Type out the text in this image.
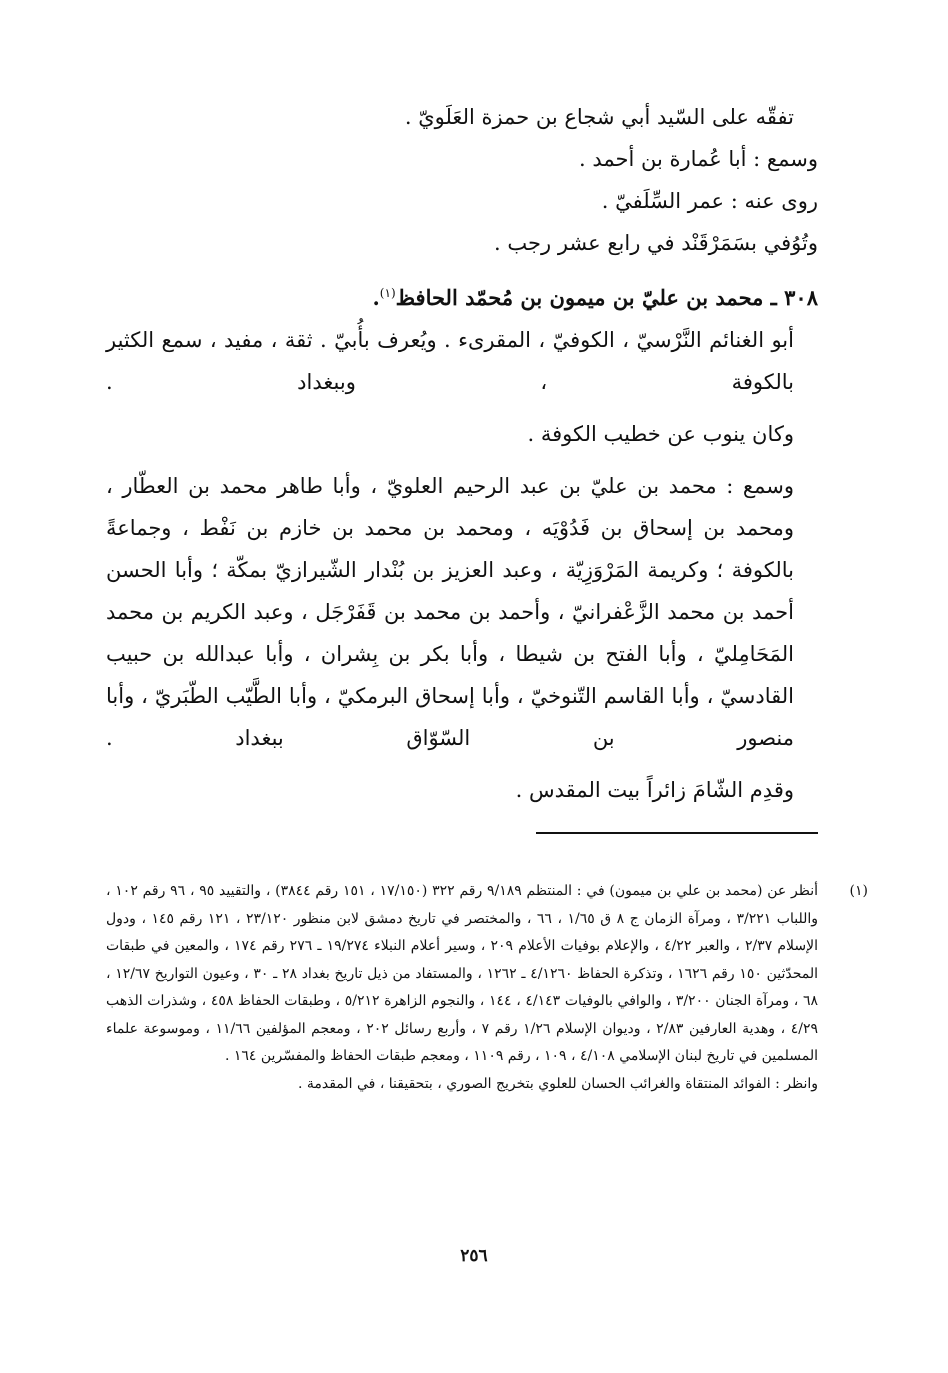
تفقّه على السّيد أبي شجاع بن حمزة العَلَويّ .
وسمع : أبا عُمارة بن أحمد .
روى عنه : عمر السِّلَفيّ .
وتُوُفي بسَمَرْقَنْد في رابع عشر رجب .
٣٠٨ ـ محمد بن عليّ بن ميمون بن مُحمّد الحافظ$^{(١)}$.
أبو الغنائم النَّرْسيّ ، الكوفيّ ، المقرىء . ويُعرف بأُبيّ . ثقة ، مفيد ، سمع الكثير بالكوفة ، وببغداد .
وكان ينوب عن خطيب الكوفة .
وسمع : محمد بن عليّ بن عبد الرحيم العلويّ ، وأبا طاهر محمد بن العطّار ، ومحمد بن إسحاق بن فَدُوْيَه ، ومحمد بن محمد بن خازم بن نَفْط ، وجماعةً بالكوفة ؛ وكريمة المَرْوَزِيّة ، وعبد العزيز بن بُنْدار الشّيرازيّ بمكّة ؛ وأبا الحسن أحمد بن محمد الزَّعْفرانيّ ، وأحمد بن محمد بن قَفَرْجَل ، وعبد الكريم بن محمد المَحَامِليّ ، وأبا الفتح بن شيطا ، وأبا بكر بن بِشران ، وأبا عبدالله بن حبيب القادسيّ ، وأبا القاسم التّنوخيّ ، وأبا إسحاق البرمكيّ ، وأبا الطَّيّب الطّبَريّ ، وأبا منصور بن السّوّاق ببغداد .
وقدِم الشّامَ زائراً بيت المقدس .
(١)
أنظر عن (محمد بن علي بن ميمون) في : المنتظم ٩/١٨٩ رقم ٣٢٢ (١٧/١٥٠ ، ١٥١ رقم ٣٨٤٤) ، والتقييد ٩٥ ، ٩٦ رقم ١٠٢ ، واللباب ٣/٢٢١ ، ومرآة الزمان ج ٨ ق ١/٦٥ ، ٦٦ ، والمختصر في تاريخ دمشق لابن منظور ٢٣/١٢٠ ، ١٢١ رقم ١٤٥ ، ودول الإسلام ٢/٣٧ ، والعبر ٤/٢٢ ، والإعلام بوفيات الأعلام ٢٠٩ ، وسير أعلام النبلاء ١٩/٢٧٤ ـ ٢٧٦ رقم ١٧٤ ، والمعين في طبقات المحدّثين ١٥٠ رقم ١٦٢٦ ، وتذكرة الحفاظ ٤/١٢٦٠ ـ ١٢٦٢ ، والمستفاد من ذيل تاريخ بغداد ٢٨ ـ ٣٠ ، وعيون التواريخ ١٢/٦٧ ، ٦٨ ، ومرآة الجنان ٣/٢٠٠ ، والوافي بالوفيات ٤/١٤٣ ، ١٤٤ ، والنجوم الزاهرة ٥/٢١٢ ، وطبقات الحفاظ ٤٥٨ ، وشذرات الذهب ٤/٢٩ ، وهدية العارفين ٢/٨٣ ، وديوان الإسلام ١/٢٦ رقم ٧ ، وأربع رسائل ٢٠٢ ، ومعجم المؤلفين ١١/٦٦ ، وموسوعة علماء المسلمين في تاريخ لبنان الإسلامي ٤/١٠٨ ، ١٠٩ ، رقم ١١٠٩ ، ومعجم طبقات الحفاظ والمفسّرين ١٦٤ .
وانظر : الفوائد المنتقاة والغرائب الحسان للعلوي بتخريج الصوري ، بتحقيقنا ، في المقدمة .
٢٥٦
